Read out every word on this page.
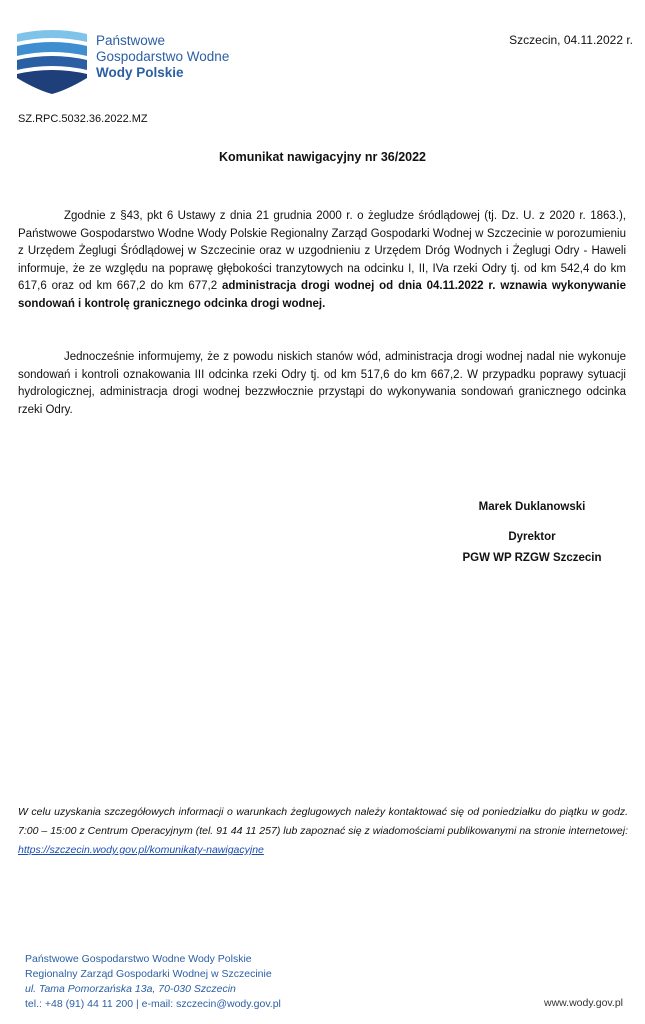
Państwowe
Gospodarstwo Wodne
Wody Polskie
Szczecin, 04.11.2022 r.
SZ.RPC.5032.36.2022.MZ
Komunikat nawigacyjny nr 36/2022
Zgodnie z §43, pkt 6 Ustawy z dnia 21 grudnia 2000 r. o żegludze śródlądowej (tj. Dz. U. z 2020 r. 1863.), Państwowe Gospodarstwo Wodne Wody Polskie Regionalny Zarząd Gospodarki Wodnej w Szczecinie w porozumieniu z Urzędem Żeglugi Śródlądowej w Szczecinie oraz w uzgodnieniu z Urzędem Dróg Wodnych i Żeglugi Odry - Haweli informuje, że ze względu na poprawę głębokości tranzytowych na odcinku I, II, IVa rzeki Odry tj. od km 542,4 do km 617,6 oraz od km 667,2 do km 677,2 administracja drogi wodnej od dnia 04.11.2022 r. wznawia wykonywanie sondowań i kontrolę granicznego odcinka drogi wodnej.
Jednocześnie informujemy, że z powodu niskich stanów wód, administracja drogi wodnej nadal nie wykonuje sondowań i kontroli oznakowania III odcinka rzeki Odry tj. od km 517,6 do km 667,2. W przypadku poprawy sytuacji hydrologicznej, administracja drogi wodnej bezzwłocznie przystąpi do wykonywania sondowań granicznego odcinka rzeki Odry.
Marek Duklanowski
Dyrektor
PGW WP RZGW Szczecin
W celu uzyskania szczegółowych informacji o warunkach żeglugowych należy kontaktować się od poniedziałku do piątku w godz. 7:00 – 15:00 z Centrum Operacyjnym (tel. 91 44 11 257) lub zapoznać się z wiadomościami publikowanymi na stronie internetowej: https://szczecin.wody.gov.pl/komunikaty-nawigacyjne
Państwowe Gospodarstwo Wodne Wody Polskie
Regionalny Zarząd Gospodarki Wodnej w Szczecinie
ul. Tama Pomorzańska 13a, 70-030 Szczecin
tel.: +48 (91) 44 11 200 | e-mail: szczecin@wody.gov.pl	www.wody.gov.pl
